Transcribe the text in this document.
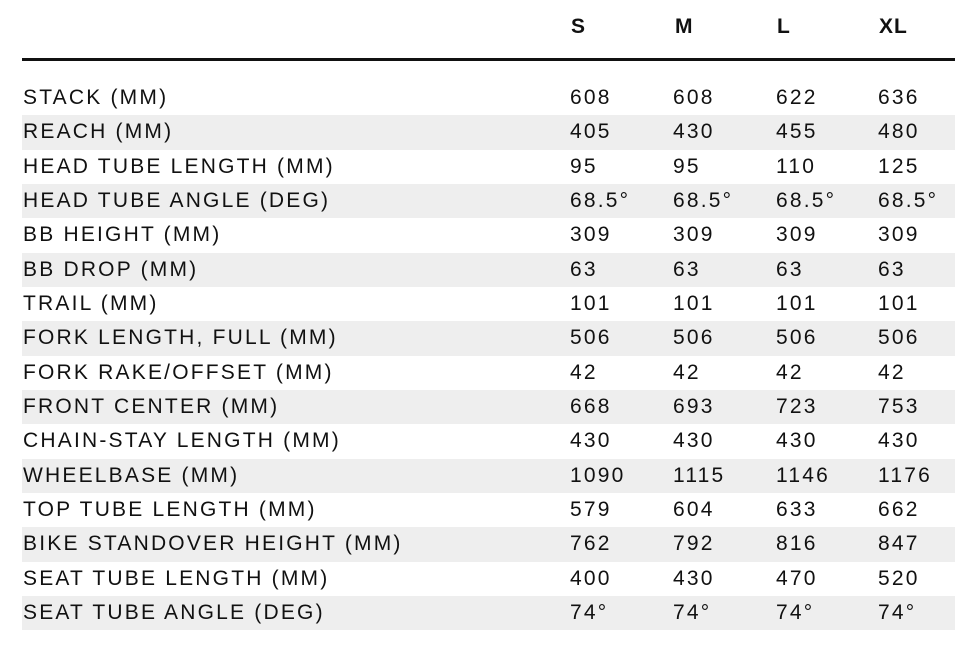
S	M	L	XL
STACK (MM)	608	608	622	636
REACH (MM)	405	430	455	480
HEAD TUBE LENGTH (MM)	95	95	110	125
HEAD TUBE ANGLE (DEG)	68.5° 68.5° 68.5° 68.5°
BB HEIGHT (MM)	309	309	309	309
BB DROP (MM)	63	63	63	63
TRAIL (MM)	101	101	101	101
FORK LENGTH, FULL (MM)	506	506	506	506
FORK RAKE/OFFSET (MM)	42	42	42	42
FRONT CENTER (MM)	668	693	723	753
CHAIN-STAY LENGTH (MM)	430	430	430	430
WHEELBASE (MM)	1090 1115 1146 1176
TOP TUBE LENGTH (MM)	579	604	633	662
BIKE STANDOVER HEIGHT (MM)	762	792	816	847
SEAT TUBE LENGTH (MM)	400	430	470	520
SEAT TUBE ANGLE (DEG)	74°	74°	74°	74°
